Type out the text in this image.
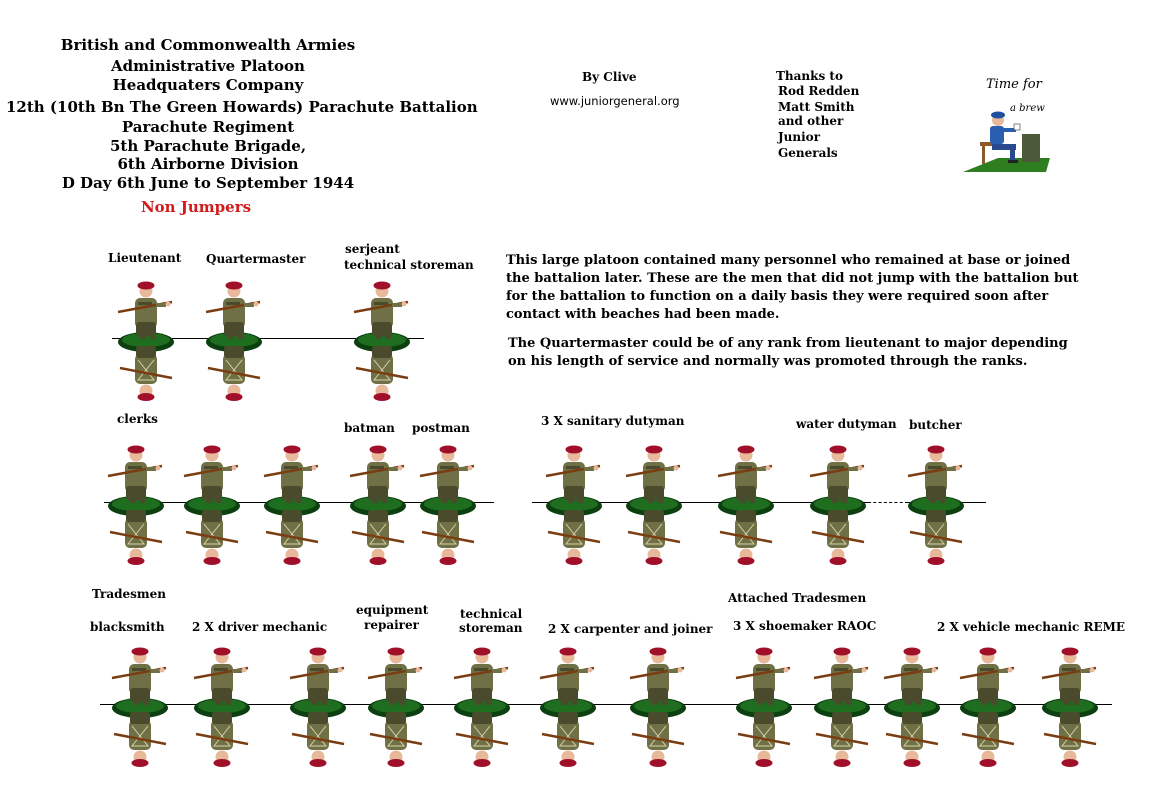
British and Commonwealth Armies
Administrative Platoon
Headquaters Company
12th (10th Bn The Green Howards) Parachute Battalion
Parachute Regiment
5th Parachute Brigade,
6th Airborne Division
D Day 6th June to September 1944
Non Jumpers
By Clive
www.juniorgeneral.org
Thanks to
Rod Redden
Matt Smith
and other
Junior
Generals
Time for
a brew
This large platoon contained many personnel who remained at base or joined the battalion later. These are the men that did not jump with the battalion but for the battalion to function on a daily basis they were required soon after contact with beaches had been made.
The Quartermaster could be of any rank from lieutenant to major depending on his length of service and normally was promoted through the ranks.
Lieutenant Quartermaster
serjeant
technical storeman
clerks
batman postman	3 X sanitary dutyman	water dutyman butcher
Tradesmen
blacksmith 2 X driver mechanic
equipment
repairer
technical
storeman 2 X carpenter and joiner
Attached Tradesmen
3 X shoemaker RAOC	2 X vehicle mechanic REME
